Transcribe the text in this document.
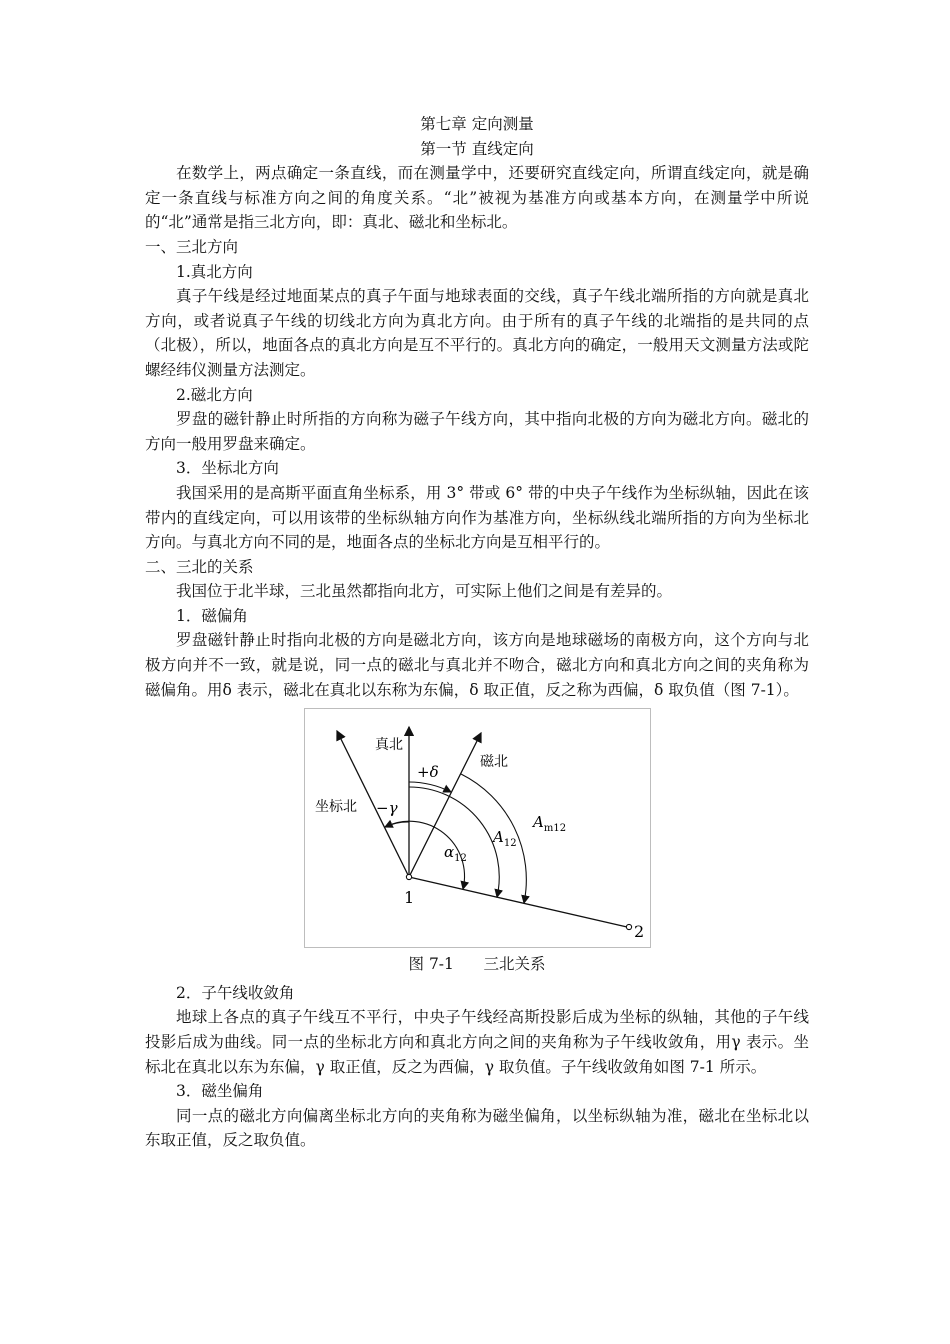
第七章 定向测量

第一节 直线定向

在数学上，两点确定一条直线，而在测量学中，还要研究直线定向，所谓直线定向，就是确定一条直线与标准方向之间的角度关系。“北”被视为基准方向或基本方向，在测量学中所说的“北”通常是指三北方向，即：真北、磁北和坐标北。

一、三北方向

1.真北方向

真子午线是经过地面某点的真子午面与地球表面的交线，真子午线北端所指的方向就是真北方向，或者说真子午线的切线北方向为真北方向。由于所有的真子午线的北端指的是共同的点（北极），所以，地面各点的真北方向是互不平行的。真北方向的确定，一般用天文测量方法或陀螺经纬仪测量方法测定。

2.磁北方向

罗盘的磁针静止时所指的方向称为磁子午线方向，其中指向北极的方向为磁北方向。磁北的方向一般用罗盘来确定。

3．坐标北方向

我国采用的是高斯平面直角坐标系，用 3° 带或 6° 带的中央子午线作为坐标纵轴，因此在该带内的直线定向，可以用该带的坐标纵轴方向作为基准方向，坐标纵线北端所指的方向为坐标北方向。与真北方向不同的是，地面各点的坐标北方向是互相平行的。

二、三北的关系

我国位于北半球，三北虽然都指向北方，可实际上他们之间是有差异的。

1．磁偏角

罗盘磁针静止时指向北极的方向是磁北方向，该方向是地球磁场的南极方向，这个方向与北极方向并不一致，就是说，同一点的磁北与真北并不吻合，磁北方向和真北方向之间的夹角称为磁偏角。用δ 表示，磁北在真北以东称为东偏，δ 取正值，反之称为西偏，δ 取负值（图 7-1）。

真北
磁北
坐标北
+δ
−γ
$\alpha_{12}$
$A_{12}$
$A_{m12}$
1
2

图 7-1 三北关系

2．子午线收敛角

地球上各点的真子午线互不平行，中央子午线经高斯投影后成为坐标的纵轴，其他的子午线投影后成为曲线。同一点的坐标北方向和真北方向之间的夹角称为子午线收敛角，用γ 表示。坐标北在真北以东为东偏，γ 取正值，反之为西偏，γ 取负值。子午线收敛角如图 7-1 所示。

3．磁坐偏角

同一点的磁北方向偏离坐标北方向的夹角称为磁坐偏角，以坐标纵轴为准，磁北在坐标北以东取正值，反之取负值。
